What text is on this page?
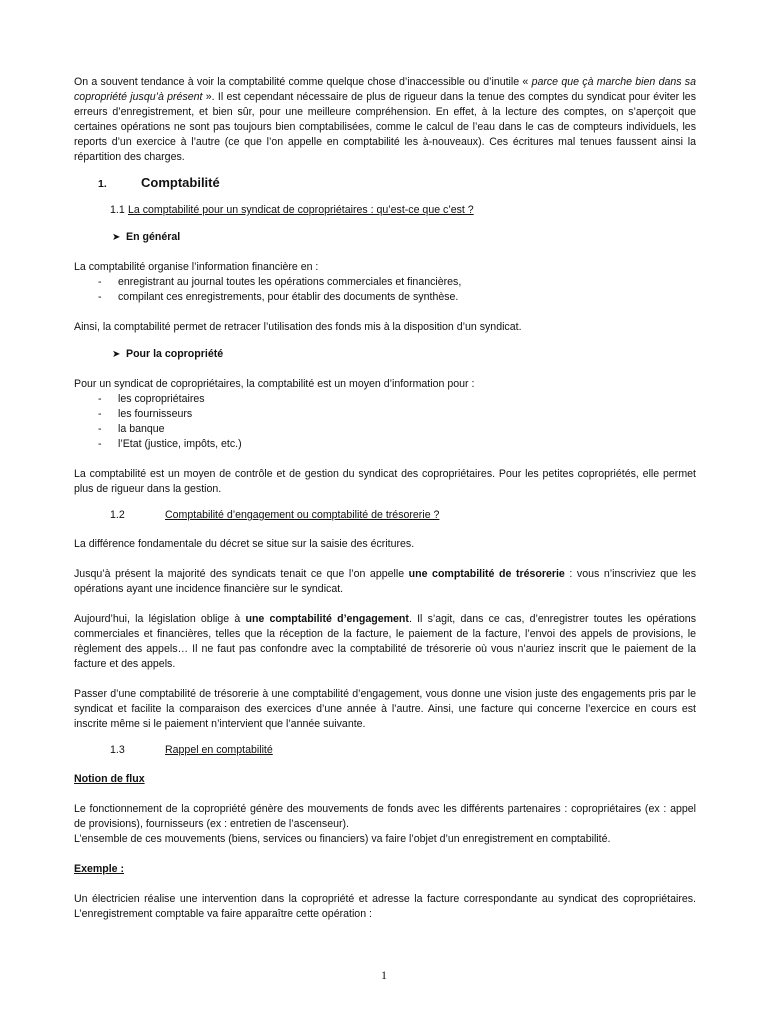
On a souvent tendance à voir la comptabilité comme quelque chose d’inaccessible ou d’inutile « parce que çà marche bien dans sa copropriété jusqu’à présent ». Il est cependant nécessaire de plus de rigueur dans la tenue des comptes du syndicat pour éviter les erreurs d’enregistrement, et bien sûr, pour une meilleure compréhension. En effet, à la lecture des comptes, on s’aperçoit que certaines opérations ne sont pas toujours bien comptabilisées, comme le calcul de l’eau dans le cas de compteurs individuels, les reports d’un exercice à l’autre (ce que l’on appelle en comptabilité les à-nouveaux). Ces écritures mal tenues faussent ainsi la répartition des charges.

1.	Comptabilité
1.1 La comptabilité pour un syndicat de copropriétaires : qu’est-ce que c’est ?
➤ En général

La comptabilité organise l’information financière en :

-	enregistrant au journal toutes les opérations commerciales et financières,
-	compilant ces enregistrements, pour établir des documents de synthèse.

Ainsi, la comptabilité permet de retracer l’utilisation des fonds mis à la disposition d’un syndicat.

➤ Pour la copropriété

Pour un syndicat de copropriétaires, la comptabilité est un moyen d’information pour :

-	les copropriétaires
-	les fournisseurs
-	la banque
-	l’Etat (justice, impôts, etc.)

La comptabilité est un moyen de contrôle et de gestion du syndicat des copropriétaires. Pour les petites copropriétés, elle permet plus de rigueur dans la gestion.

1.2	Comptabilité d’engagement ou comptabilité de trésorerie ?

La différence fondamentale du décret se situe sur la saisie des écritures.

Jusqu’à présent la majorité des syndicats tenait ce que l’on appelle une comptabilité de trésorerie : vous n’inscriviez que les opérations ayant une incidence financière sur le syndicat.

Aujourd’hui, la législation oblige à une comptabilité d’engagement. Il s’agit, dans ce cas, d’enregistrer toutes les opérations commerciales et financières, telles que la réception de la facture, le paiement de la facture, l’envoi des appels de provisions, le règlement des appels… Il ne faut pas confondre avec la comptabilité de trésorerie où vous n’auriez inscrit que le paiement de la facture et des appels.

Passer d’une comptabilité de trésorerie à une comptabilité d’engagement, vous donne une vision juste des engagements pris par le syndicat et facilite la comparaison des exercices d’une année à l’autre. Ainsi, une facture qui concerne l’exercice en cours est inscrite même si le paiement n’intervient que l’année suivante.

1.3	Rappel en comptabilité

Notion de flux

Le fonctionnement de la copropriété génère des mouvements de fonds avec les différents partenaires : copropriétaires (ex : appel de provisions), fournisseurs (ex : entretien de l’ascenseur).

L’ensemble de ces mouvements (biens, services ou financiers) va faire l’objet d’un enregistrement en comptabilité.

Exemple :

Un électricien réalise une intervention dans la copropriété et adresse la facture correspondante au syndicat des copropriétaires. L’enregistrement comptable va faire apparaître cette opération :

1
